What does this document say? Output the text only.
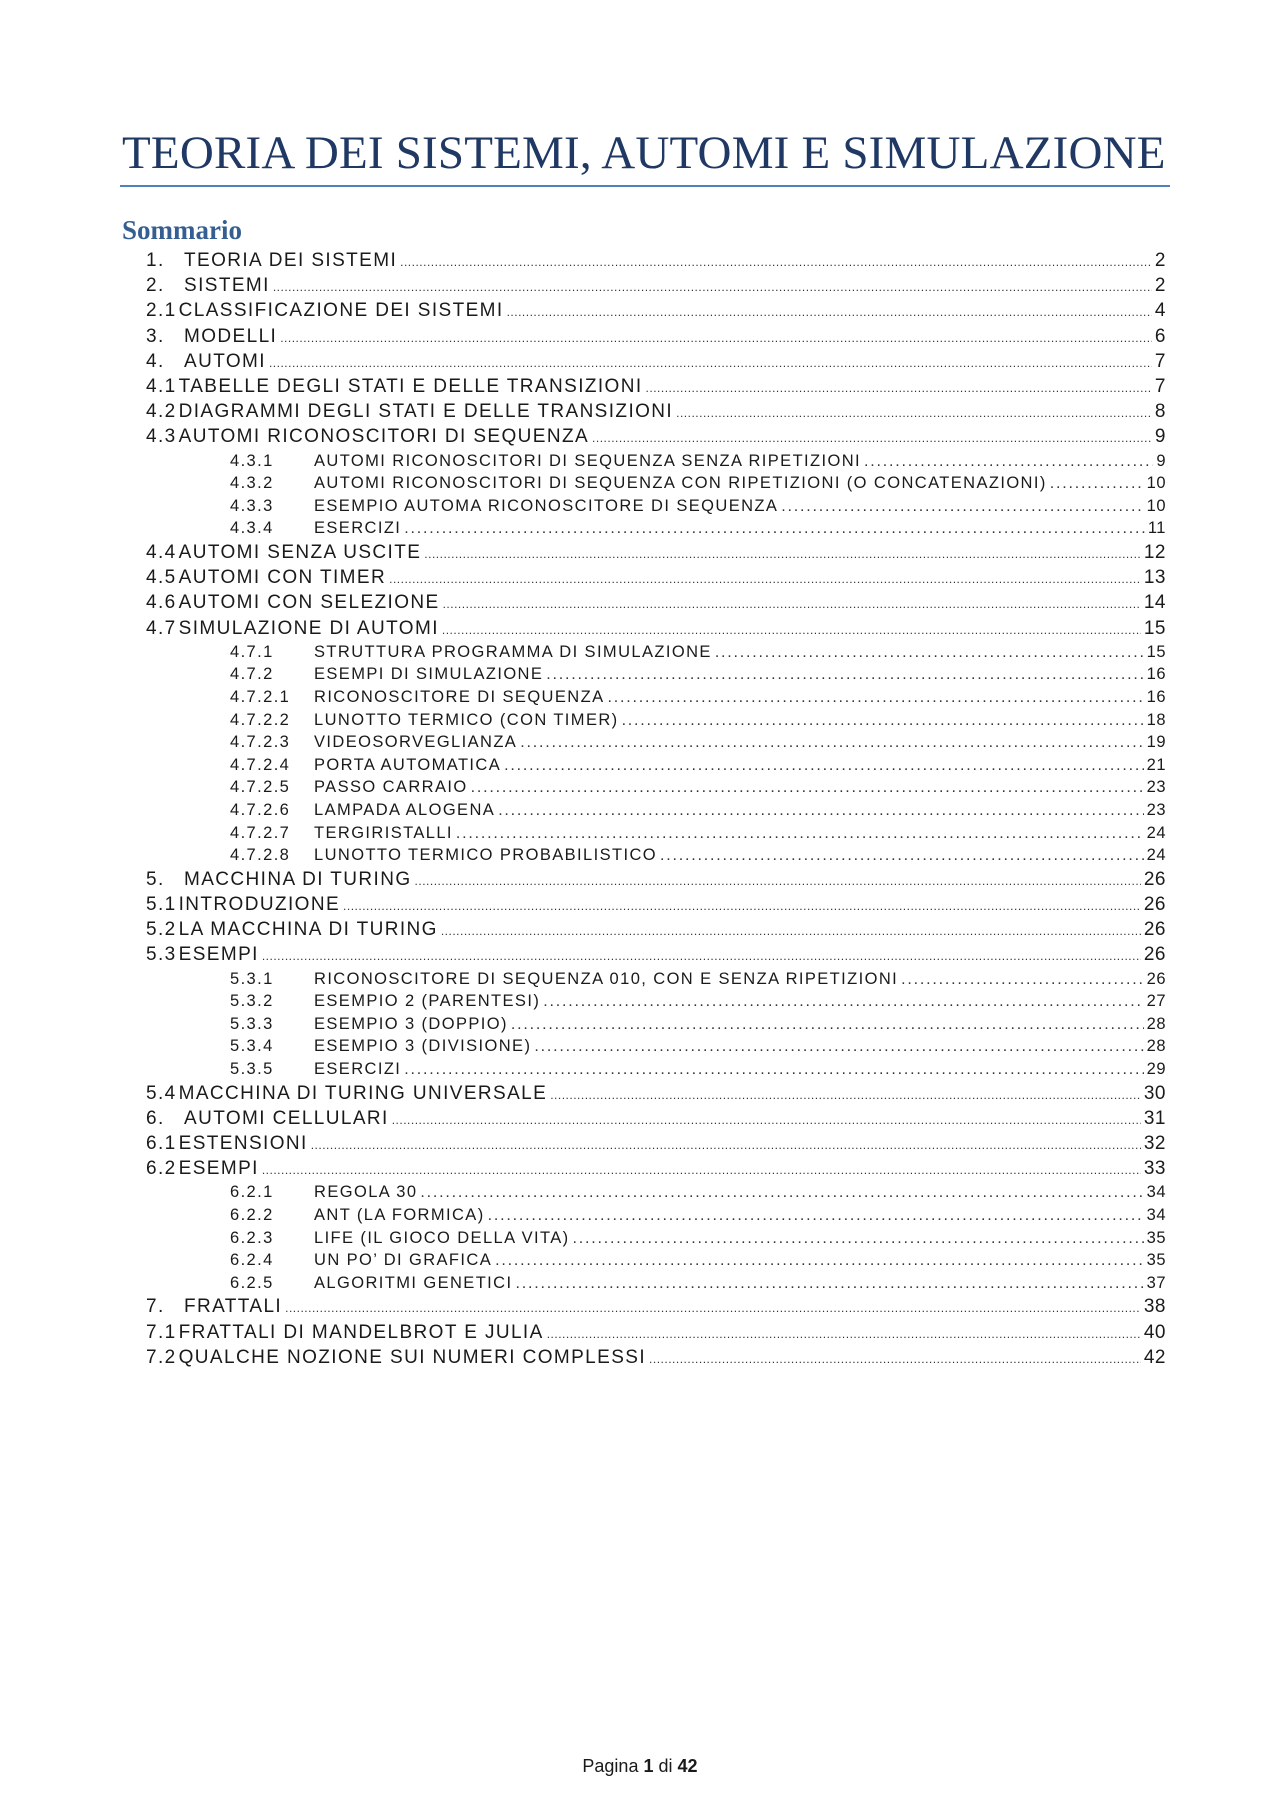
TEORIA DEI SISTEMI, AUTOMI E SIMULAZIONE
Sommario
1.	TEORIA DEI SISTEMI .....	2
2.	SISTEMI .....	2
2.1 CLASSIFICAZIONE DEI SISTEMI .....	4
3.	MODELLI .....	6
4.	AUTOMI .....	7
4.1 TABELLE DEGLI STATI E DELLE TRANSIZIONI .....	7
4.2 DIAGRAMMI DEGLI STATI E DELLE TRANSIZIONI .....	8
4.3 AUTOMI RICONOSCITORI DI SEQUENZA .....	9
4.3.1	AUTOMI RICONOSCITORI DI SEQUENZA SENZA RIPETIZIONI .....	9
4.3.2	AUTOMI RICONOSCITORI DI SEQUENZA CON RIPETIZIONI (O CONCATENAZIONI) .....	10
4.3.3	ESEMPIO AUTOMA RICONOSCITORE DI SEQUENZA .....	10
4.3.4	ESERCIZI .....	11
4.4 AUTOMI SENZA USCITE .....	12
4.5 AUTOMI CON TIMER .....	13
4.6 AUTOMI CON SELEZIONE .....	14
4.7 SIMULAZIONE DI AUTOMI .....	15
4.7.1	STRUTTURA PROGRAMMA DI SIMULAZIONE .....	15
4.7.2	ESEMPI DI SIMULAZIONE .....	16
4.7.2.1	RICONOSCITORE DI SEQUENZA .....	16
4.7.2.2	LUNOTTO TERMICO (CON TIMER) .....	18
4.7.2.3	VIDEOSORVEGLIANZA .....	19
4.7.2.4	PORTA AUTOMATICA .....	21
4.7.2.5	PASSO CARRAIO .....	23
4.7.2.6	LAMPADA ALOGENA .....	23
4.7.2.7	TERGIRISTALLI .....	24
4.7.2.8	LUNOTTO TERMICO PROBABILISTICO .....	24
5.	MACCHINA DI TURING .....	26
5.1 INTRODUZIONE .....	26
5.2 LA MACCHINA DI TURING .....	26
5.3 ESEMPI .....	26
5.3.1	RICONOSCITORE DI SEQUENZA 010, CON E SENZA RIPETIZIONI .....	26
5.3.2	ESEMPIO 2 (PARENTESI) .....	27
5.3.3	ESEMPIO 3 (DOPPIO) .....	28
5.3.4	ESEMPIO 3 (DIVISIONE) .....	28
5.3.5	ESERCIZI .....	29
5.4 MACCHINA DI TURING UNIVERSALE .....	30
6.	AUTOMI CELLULARI .....	31
6.1 ESTENSIONI .....	32
6.2 ESEMPI .....	33
6.2.1	REGOLA 30 .....	34
6.2.2	ANT (LA FORMICA) .....	34
6.2.3	LIFE (IL GIOCO DELLA VITA) .....	35
6.2.4	UN PO’ DI GRAFICA .....	35
6.2.5	ALGORITMI GENETICI .....	37
7.	FRATTALI .....	38
7.1 FRATTALI DI MANDELBROT E JULIA .....	40
7.2 QUALCHE NOZIONE SUI NUMERI COMPLESSI .....	42
Pagina 1 di 42
